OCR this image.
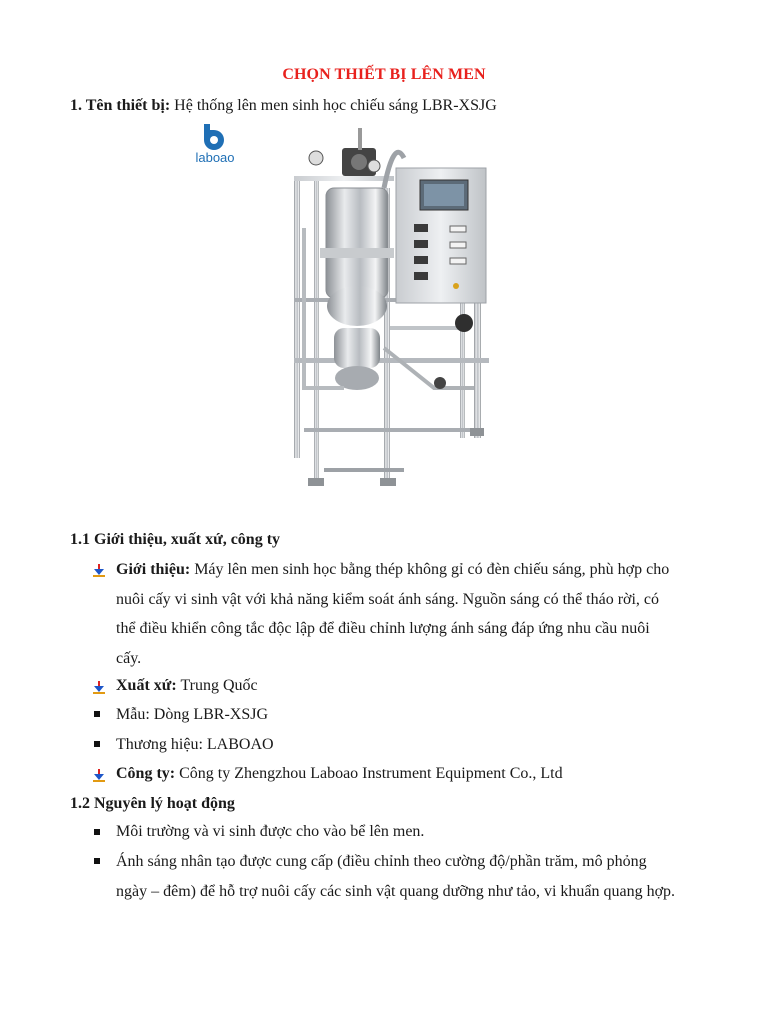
CHỌN THIẾT BỊ LÊN MEN
1. Tên thiết bị: Hệ thống lên men sinh học chiếu sáng LBR-XSJG
laboao
1.1 Giới thiệu, xuất xứ, công ty
Giới thiệu: Máy lên men sinh học bằng thép không gỉ có đèn chiếu sáng, phù hợp cho nuôi cấy vi sinh vật với khả năng kiểm soát ánh sáng. Nguồn sáng có thể tháo rời, có thể điều khiển công tắc độc lập để điều chỉnh lượng ánh sáng đáp ứng nhu cầu nuôi cấy.
Xuất xứ: Trung Quốc
Mẫu: Dòng LBR-XSJG
Thương hiệu: LABOAO
Công ty: Công ty Zhengzhou Laboao Instrument Equipment Co., Ltd
1.2 Nguyên lý hoạt động
Môi trường và vi sinh được cho vào bể lên men.
Ánh sáng nhân tạo được cung cấp (điều chỉnh theo cường độ/phần trăm, mô phỏng ngày – đêm) để hỗ trợ nuôi cấy các sinh vật quang dưỡng như tảo, vi khuẩn quang hợp.
